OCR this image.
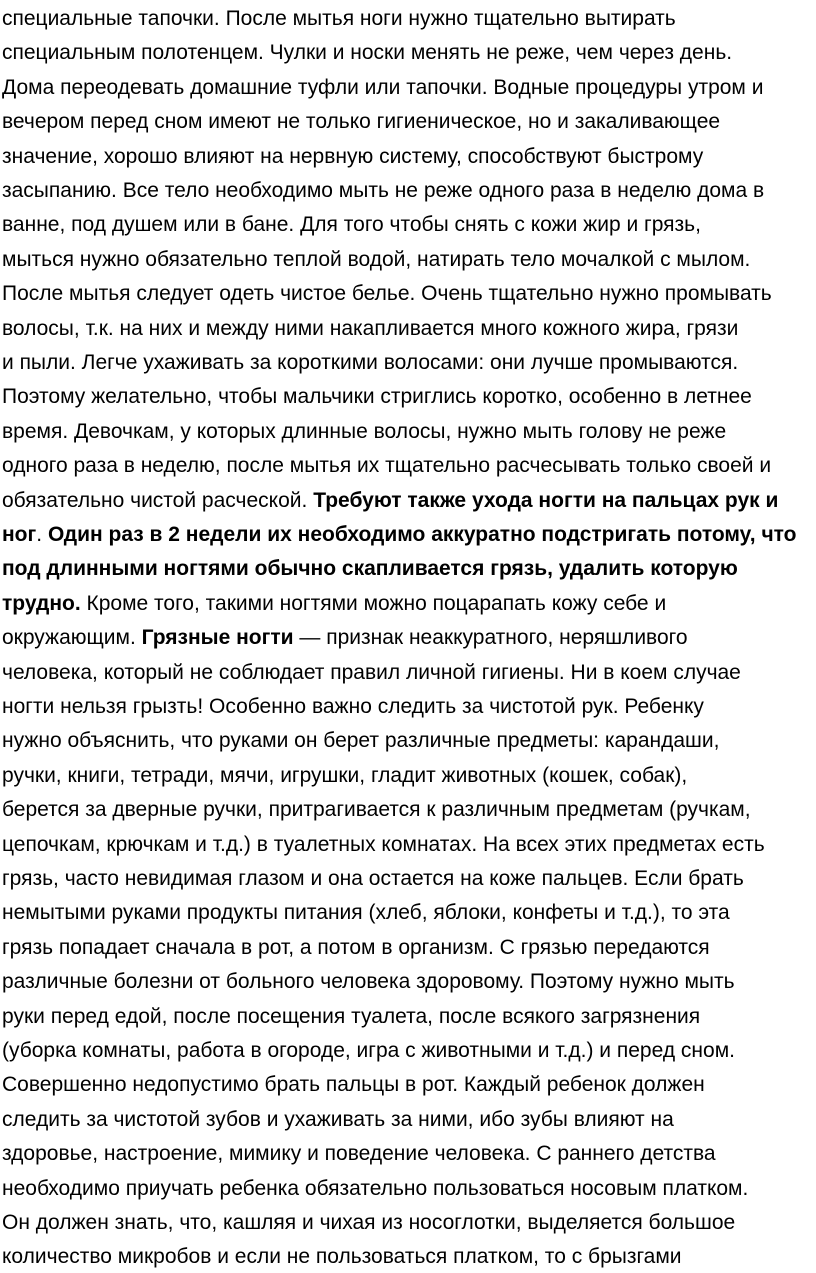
специальные тапочки. После мытья ноги нужно тщательно вытирать
специальным полотенцем. Чулки и носки менять не реже, чем через день.
Дома переодевать домашние туфли или тапочки. Водные процедуры утром и
вечером перед сном имеют не только гигиеническое, но и закаливающее
значение, хорошо влияют на нервную систему, способствуют быстрому
засыпанию. Все тело необходимо мыть не реже одного раза в неделю дома в
ванне, под душем или в бане. Для того чтобы снять с кожи жир и грязь,
мыться нужно обязательно теплой водой, натирать тело мочалкой с мылом.
После мытья следует одеть чистое белье. Очень тщательно нужно промывать
волосы, т.к. на них и между ними накапливается много кожного жира, грязи
и пыли. Легче ухаживать за короткими волосами: они лучше промываются.
Поэтому желательно, чтобы мальчики стриглись коротко, особенно в летнее
время. Девочкам, у которых длинные волосы, нужно мыть голову не реже
одного раза в неделю, после мытья их тщательно расчесывать только своей и
обязательно чистой расческой. Требуют также ухода ногти на пальцах рук и
ног. Один раз в 2 недели их необходимо аккуратно подстригать потому, что
под длинными ногтями обычно скапливается грязь, удалить которую
трудно. Кроме того, такими ногтями можно поцарапать кожу себе и
окружающим. Грязные ногти — признак неаккуратного, неряшливого
человека, который не соблюдает правил личной гигиены. Ни в коем случае
ногти нельзя грызть! Особенно важно следить за чистотой рук. Ребенку
нужно объяснить, что руками он берет различные предметы: карандаши,
ручки, книги, тетради, мячи, игрушки, гладит животных (кошек, собак),
берется за дверные ручки, притрагивается к различным предметам (ручкам,
цепочкам, крючкам и т.д.) в туалетных комнатах. На всех этих предметах есть
грязь, часто невидимая глазом и она остается на коже пальцев. Если брать
немытыми руками продукты питания (хлеб, яблоки, конфеты и т.д.), то эта
грязь попадает сначала в рот, а потом в организм. С грязью передаются
различные болезни от больного человека здоровому. Поэтому нужно мыть
руки перед едой, после посещения туалета, после всякого загрязнения
(уборка комнаты, работа в огороде, игра с животными и т.д.) и перед сном.
Совершенно недопустимо брать пальцы в рот. Каждый ребенок должен
следить за чистотой зубов и ухаживать за ними, ибо зубы влияют на
здоровье, настроение, мимику и поведение человека. С раннего детства
необходимо приучать ребенка обязательно пользоваться носовым платком.
Он должен знать, что, кашляя и чихая из носоглотки, выделяется большое
количество микробов и если не пользоваться платком, то с брызгами
